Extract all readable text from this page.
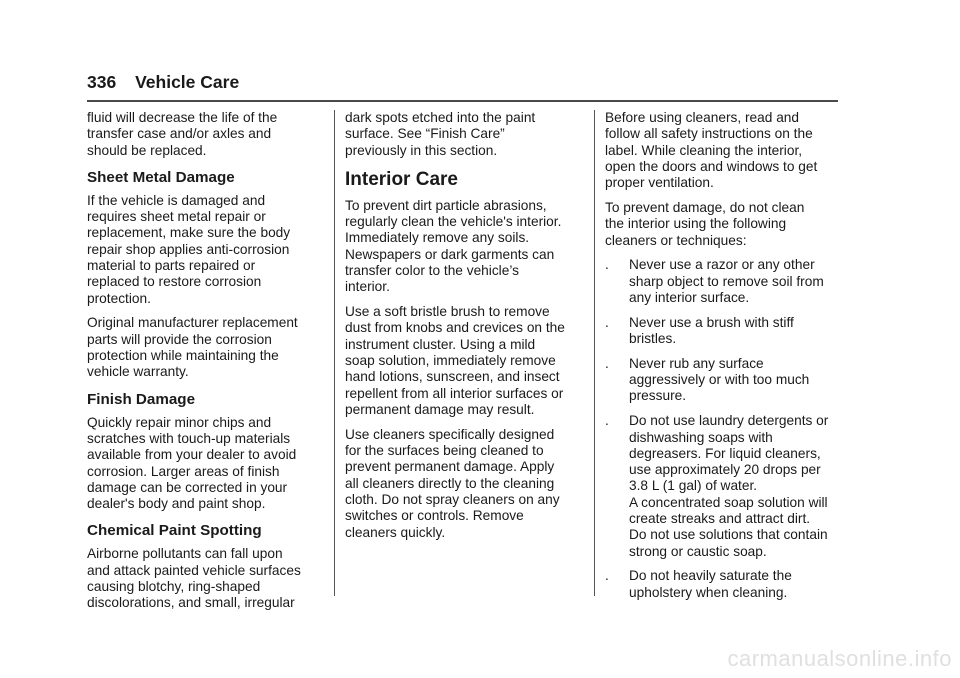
336 Vehicle Care

fluid will decrease the life of the
transfer case and/or axles and
should be replaced.

Sheet Metal Damage

If the vehicle is damaged and
requires sheet metal repair or
replacement, make sure the body
repair shop applies anti-corrosion
material to parts repaired or
replaced to restore corrosion
protection.

Original manufacturer replacement
parts will provide the corrosion
protection while maintaining the
vehicle warranty.

Finish Damage

Quickly repair minor chips and
scratches with touch-up materials
available from your dealer to avoid
corrosion. Larger areas of finish
damage can be corrected in your
dealer's body and paint shop.

Chemical Paint Spotting

Airborne pollutants can fall upon
and attack painted vehicle surfaces
causing blotchy, ring-shaped
discolorations, and small, irregular

dark spots etched into the paint
surface. See “Finish Care”
previously in this section.

Interior Care

To prevent dirt particle abrasions,
regularly clean the vehicle's interior.
Immediately remove any soils.
Newspapers or dark garments can
transfer color to the vehicle’s
interior.

Use a soft bristle brush to remove
dust from knobs and crevices on the
instrument cluster. Using a mild
soap solution, immediately remove
hand lotions, sunscreen, and insect
repellent from all interior surfaces or
permanent damage may result.

Use cleaners specifically designed
for the surfaces being cleaned to
prevent permanent damage. Apply
all cleaners directly to the cleaning
cloth. Do not spray cleaners on any
switches or controls. Remove
cleaners quickly.

Before using cleaners, read and
follow all safety instructions on the
label. While cleaning the interior,
open the doors and windows to get
proper ventilation.

To prevent damage, do not clean
the interior using the following
cleaners or techniques:

. Never use a razor or any other
sharp object to remove soil from
any interior surface.
. Never use a brush with stiff
bristles.
. Never rub any surface
aggressively or with too much
pressure.
. Do not use laundry detergents or
dishwashing soaps with
degreasers. For liquid cleaners,
use approximately 20 drops per
3.8 L (1 gal) of water.
A concentrated soap solution will
create streaks and attract dirt.
Do not use solutions that contain
strong or caustic soap.
. Do not heavily saturate the
upholstery when cleaning.
carmanualsonline.info
